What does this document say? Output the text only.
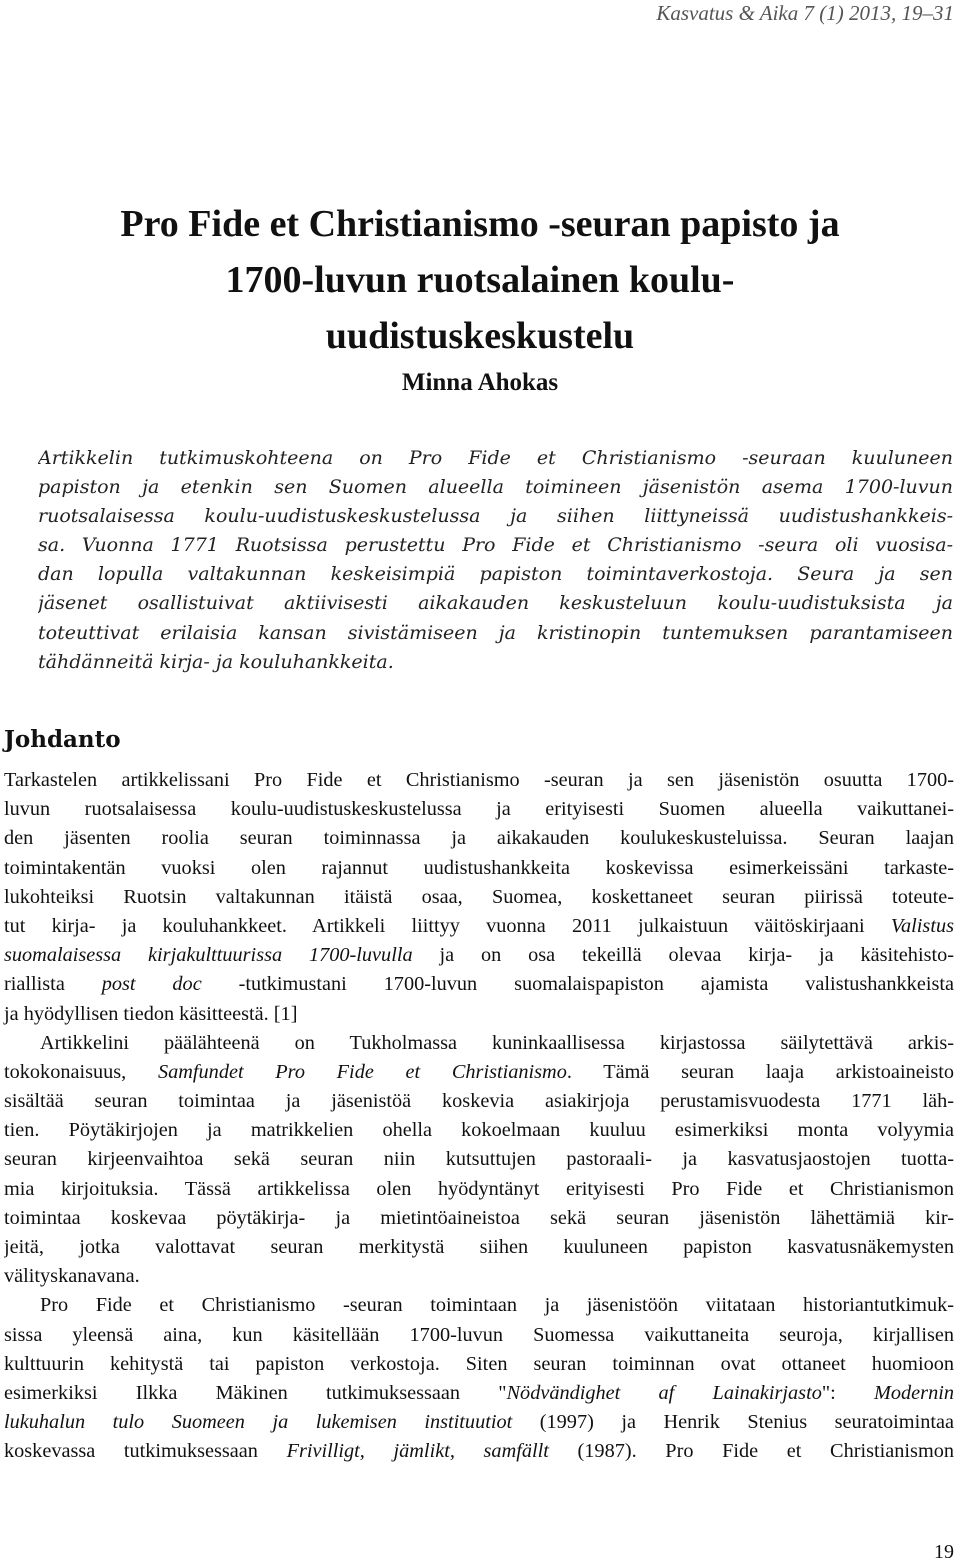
Kasvatus & Aika 7 (1) 2013, 19–31
Pro Fide et Christianismo -seuran papisto ja
1700-luvun ruotsalainen koulu-
uudistuskeskustelu
Minna Ahokas
Artikkelin tutkimuskohteena on Pro Fide et Christianismo -seuraan kuuluneen
papiston ja etenkin sen Suomen alueella toimineen jäsenistön asema 1700-luvun
ruotsalaisessa koulu-uudistuskeskustelussa ja siihen liittyneissä uudistushankkeis-
sa. Vuonna 1771 Ruotsissa perustettu Pro Fide et Christianismo -seura oli vuosisa-
dan lopulla valtakunnan keskeisimpiä papiston toimintaverkostoja. Seura ja sen
jäsenet osallistuivat aktiivisesti aikakauden keskusteluun koulu-uudistuksista ja
toteuttivat erilaisia kansan sivistämiseen ja kristinopin tuntemuksen parantamiseen
tähdänneitä kirja- ja kouluhankkeita.
Johdanto
Tarkastelen artikkelissani Pro Fide et Christianismo -seuran ja sen jäsenistön osuutta 1700-
luvun ruotsalaisessa koulu-uudistuskeskustelussa ja erityisesti Suomen alueella vaikuttanei-
den jäsenten roolia seuran toiminnassa ja aikakauden koulukeskusteluissa. Seuran laajan
toimintakentän vuoksi olen rajannut uudistushankkeita koskevissa esimerkeissäni tarkaste-
lukohteiksi Ruotsin valtakunnan itäistä osaa, Suomea, koskettaneet seuran piirissä toteute-
tut kirja- ja kouluhankkeet. Artikkeli liittyy vuonna 2011 julkaistuun väitöskirjaani Valistus
suomalaisessa kirjakulttuurissa 1700-luvulla ja on osa tekeillä olevaa kirja- ja käsitehisto-
riallista post doc -tutkimustani 1700-luvun suomalaispapiston ajamista valistushankkeista
ja hyödyllisen tiedon käsitteestä. [1]
Artikkelini päälähteenä on Tukholmassa kuninkaallisessa kirjastossa säilytettävä arkis-
tokokonaisuus, Samfundet Pro Fide et Christianismo. Tämä seuran laaja arkistoaineisto
sisältää seuran toimintaa ja jäsenistöä koskevia asiakirjoja perustamisvuodesta 1771 läh-
tien. Pöytäkirjojen ja matrikkelien ohella kokoelmaan kuuluu esimerkiksi monta volyymia
seuran kirjeenvaihtoa sekä seuran niin kutsuttujen pastoraali- ja kasvatusjaostojen tuotta-
mia kirjoituksia. Tässä artikkelissa olen hyödyntänyt erityisesti Pro Fide et Christianismon
toimintaa koskevaa pöytäkirja- ja mietintöaineistoa sekä seuran jäsenistön lähettämiä kir-
jeitä, jotka valottavat seuran merkitystä siihen kuuluneen papiston kasvatusnäkemysten
välityskanavana.
Pro Fide et Christianismo -seuran toimintaan ja jäsenistöön viitataan historiantutkimuk-
sissa yleensä aina, kun käsitellään 1700-luvun Suomessa vaikuttaneita seuroja, kirjallisen
kulttuurin kehitystä tai papiston verkostoja. Siten seuran toiminnan ovat ottaneet huomioon
esimerkiksi Ilkka Mäkinen tutkimuksessaan "Nödvändighet af Lainakirjasto": Modernin
lukuhalun tulo Suomeen ja lukemisen instituutiot (1997) ja Henrik Stenius seuratoimintaa
koskevassa tutkimuksessaan Frivilligt, jämlikt, samfällt (1987). Pro Fide et Christianismon
19
